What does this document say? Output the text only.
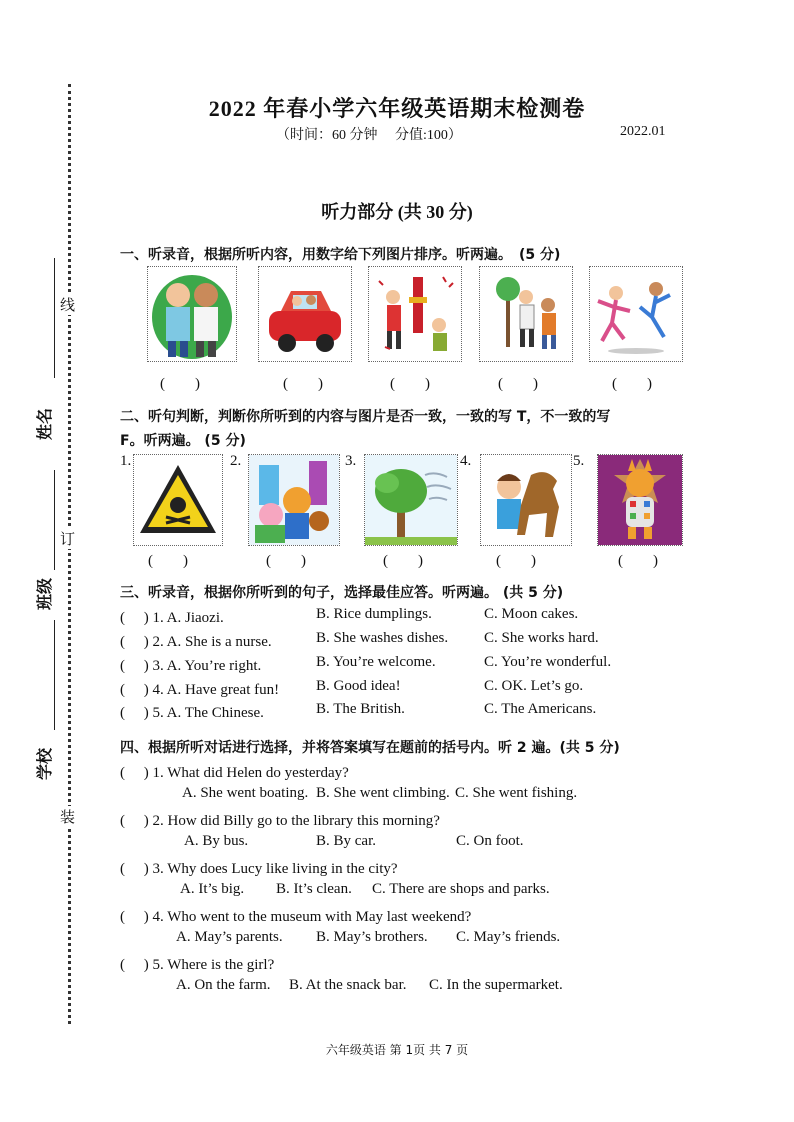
线
订
装
姓名
班级
学校
2022 年春小学六年级英语期末检测卷
（时间：60 分钟　 分值:100）	2022.01
听力部分 (共 30 分)
一、听录音，根据所听内容，用数字给下列图片排序。听两遍。　(5 分)
(　　)	(　　)	(　　)	(　　)	(　　)
二、听句判断，判断你所听到的内容与图片是否一致，一致的写 T，不一致的写
F。听两遍。 (5 分)
1.	2.	3.	4.	5.
(　　)	(　　)	(　　)	(　　)	(　　)
三、听录音，根据你所听到的句子，选择最佳应答。听两遍。 (共 5 分)
(　 ) 1. A. Jiaozi.	B. Rice dumplings.	C. Moon cakes.
(　 ) 2. A. She is a nurse.	B. She washes dishes. C. She works hard.
(　 ) 3. A. You’re right.	B. You’re welcome.	C. You’re wonderful.
(　 ) 4. A. Have great fun! B. Good idea!	C. OK. Let’s go.
(　 ) 5. A. The Chinese.	B. The British.	C. The Americans.
四、根据所听对话进行选择，并将答案填写在题前的括号内。听 2 遍。(共 5 分)
(　 ) 1. What did Helen do yesterday?
A. She went boating. B. She went climbing. C. She went fishing.
(　 ) 2. How did Billy go to the library this morning?
A. By bus.	B. By car.	C. On foot.
(　 ) 3. Why does Lucy like living in the city?
A. It’s big. B. It’s clean. C. There are shops and parks.
(　 ) 4. Who went to the museum with May last weekend?
A. May’s parents. B. May’s brothers. C. May’s friends.
(　 ) 5. Where is the girl?
A. On the farm. B. At the snack bar. C. In the supermarket.
六年级英语 第 1页 共 7 页
